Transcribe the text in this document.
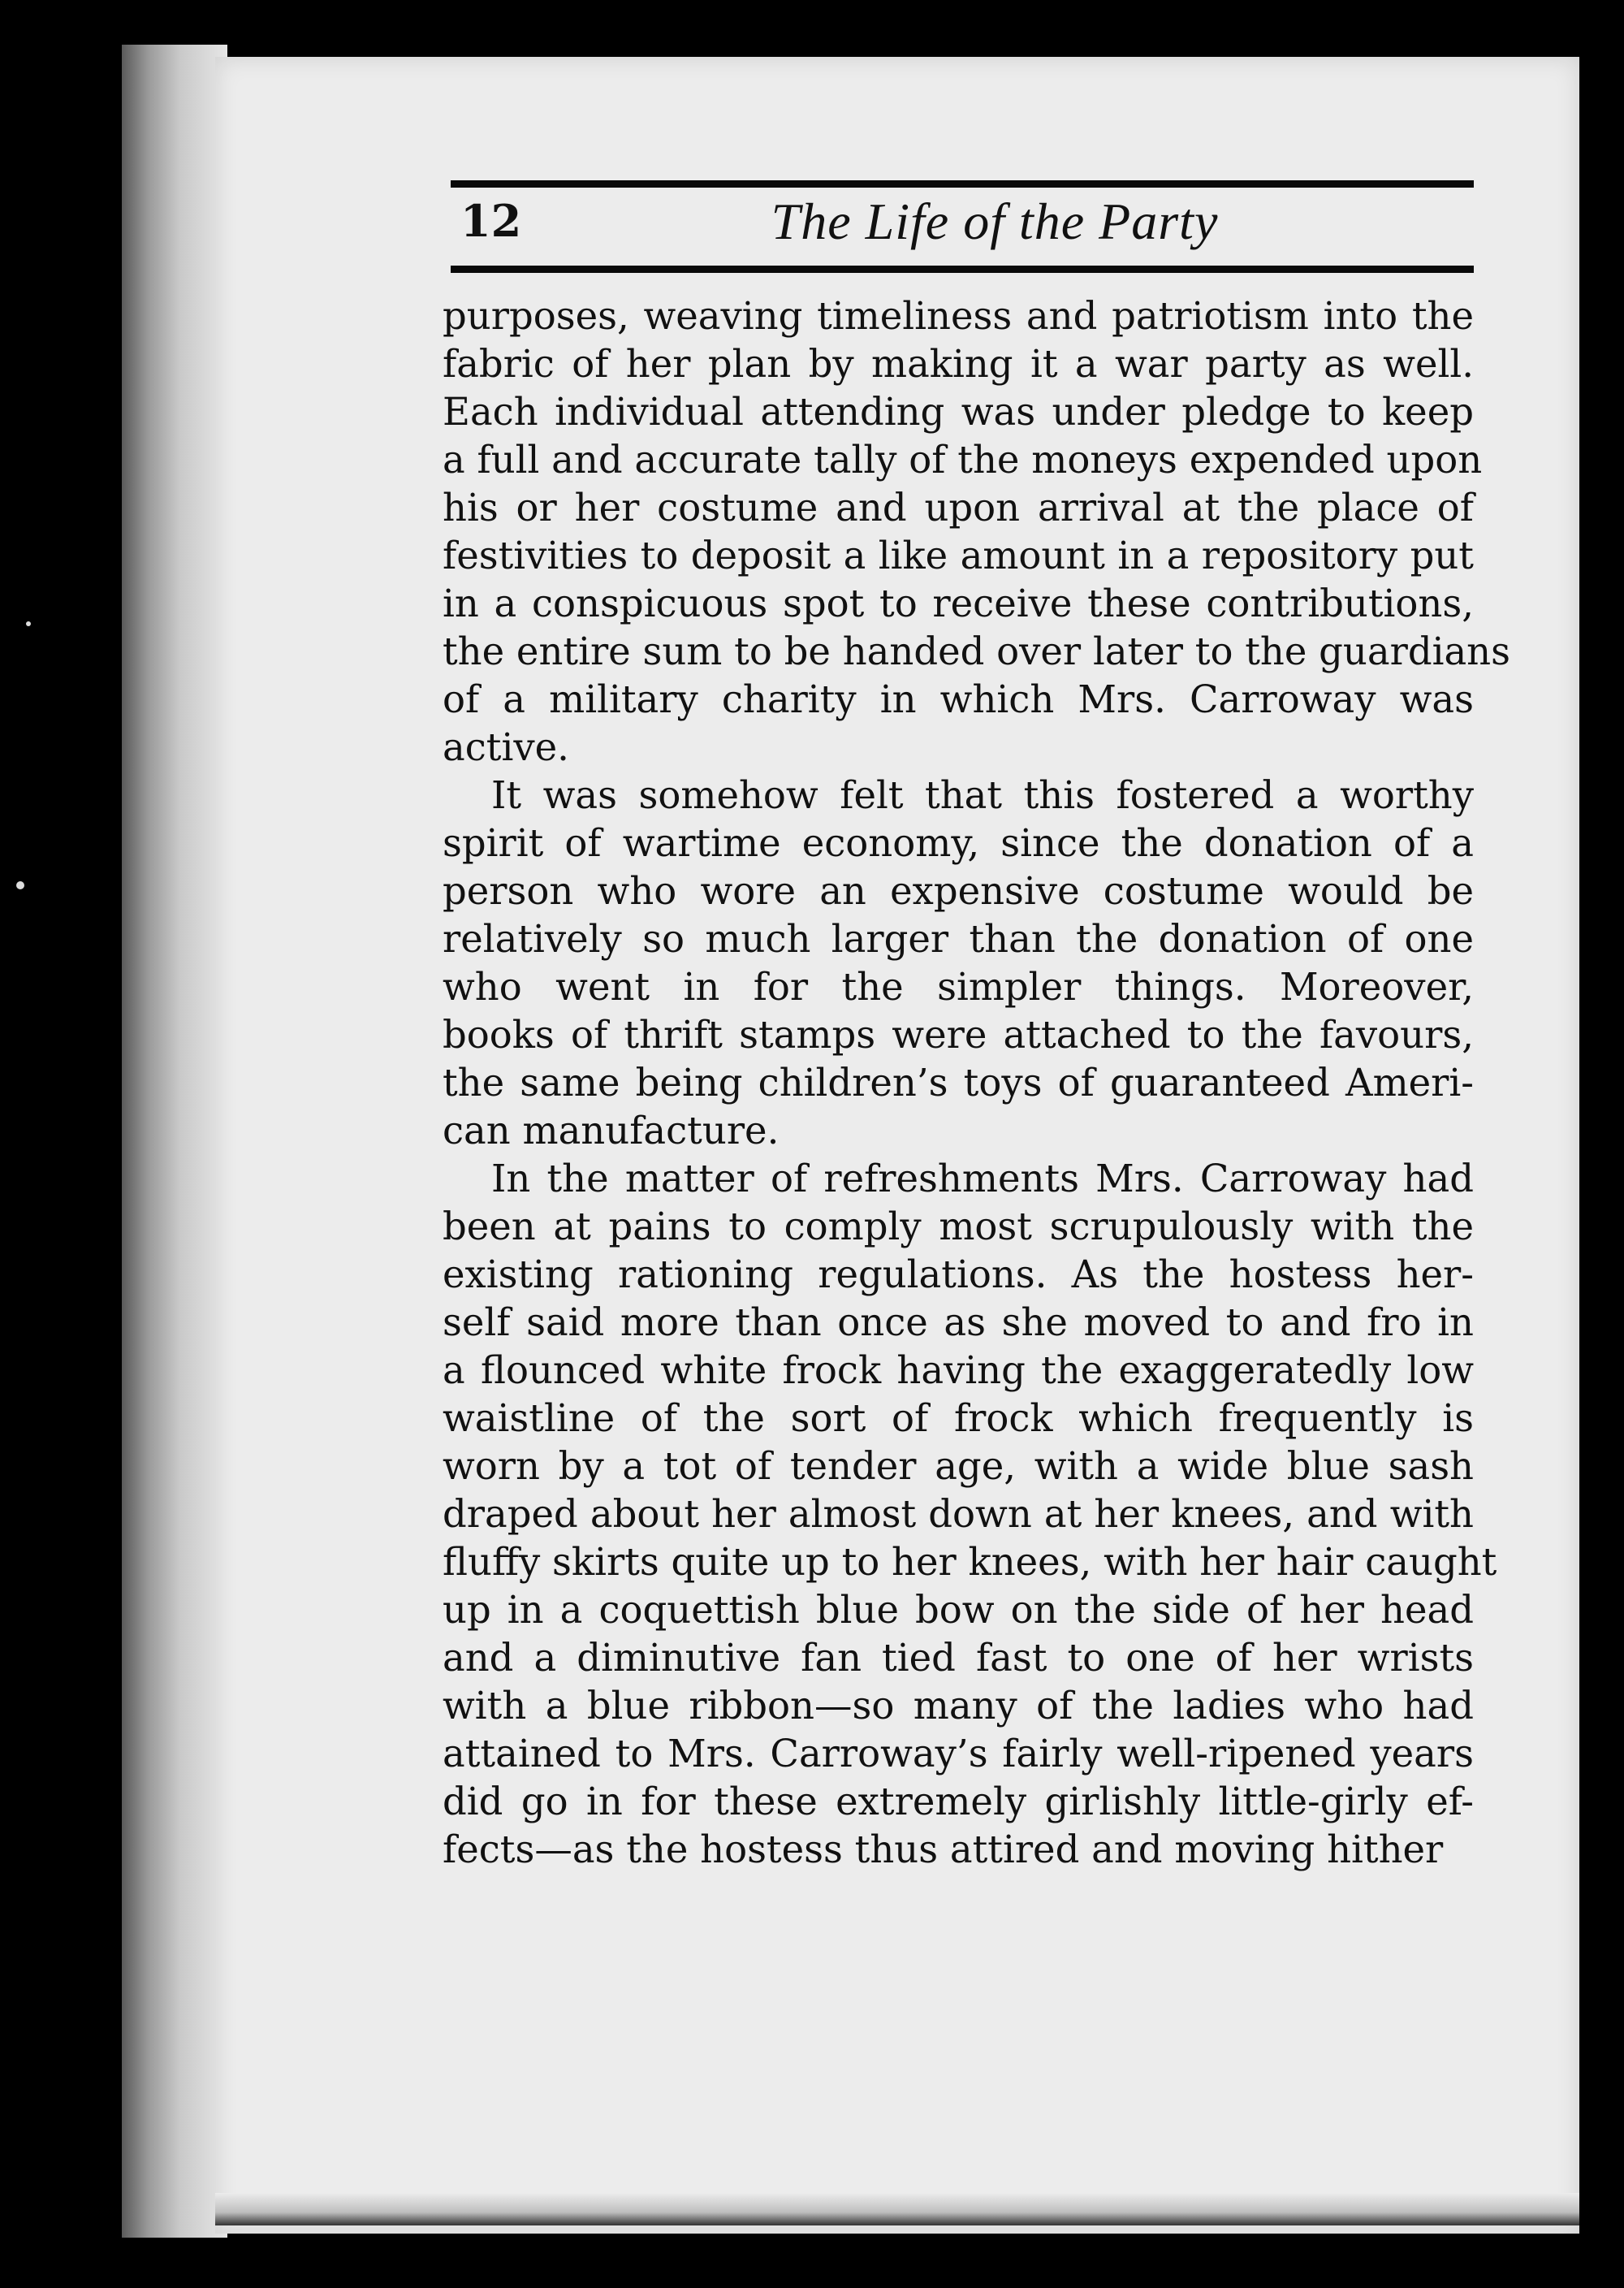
12	The Life of the Party
purposes, weaving timeliness and patriotism into the
fabric of her plan by making it a war party as well.
Each individual attending was under pledge to keep
a full and accurate tally of the moneys expended upon
his or her costume and upon arrival at the place of
festivities to deposit a like amount in a repository put
in a conspicuous spot to receive these contributions,
the entire sum to be handed over later to the guardians
of a military charity in which Mrs. Carroway was
active.
It was somehow felt that this fostered a worthy
spirit of wartime economy, since the donation of a
person who wore an expensive costume would be
relatively so much larger than the donation of one
who went in for the simpler things. Moreover,
books of thrift stamps were attached to the favours,
the same being children’s toys of guaranteed Ameri-
can manufacture.
In the matter of refreshments Mrs. Carroway had
been at pains to comply most scrupulously with the
existing rationing regulations. As the hostess her-
self said more than once as she moved to and fro in
a flounced white frock having the exaggeratedly low
waistline of the sort of frock which frequently is
worn by a tot of tender age, with a wide blue sash
draped about her almost down at her knees, and with
fluffy skirts quite up to her knees, with her hair caught
up in a coquettish blue bow on the side of her head
and a diminutive fan tied fast to one of her wrists
with a blue ribbon—so many of the ladies who had
attained to Mrs. Carroway’s fairly well-ripened years
did go in for these extremely girlishly little-girly ef-
fects—as the hostess thus attired and moving hither
